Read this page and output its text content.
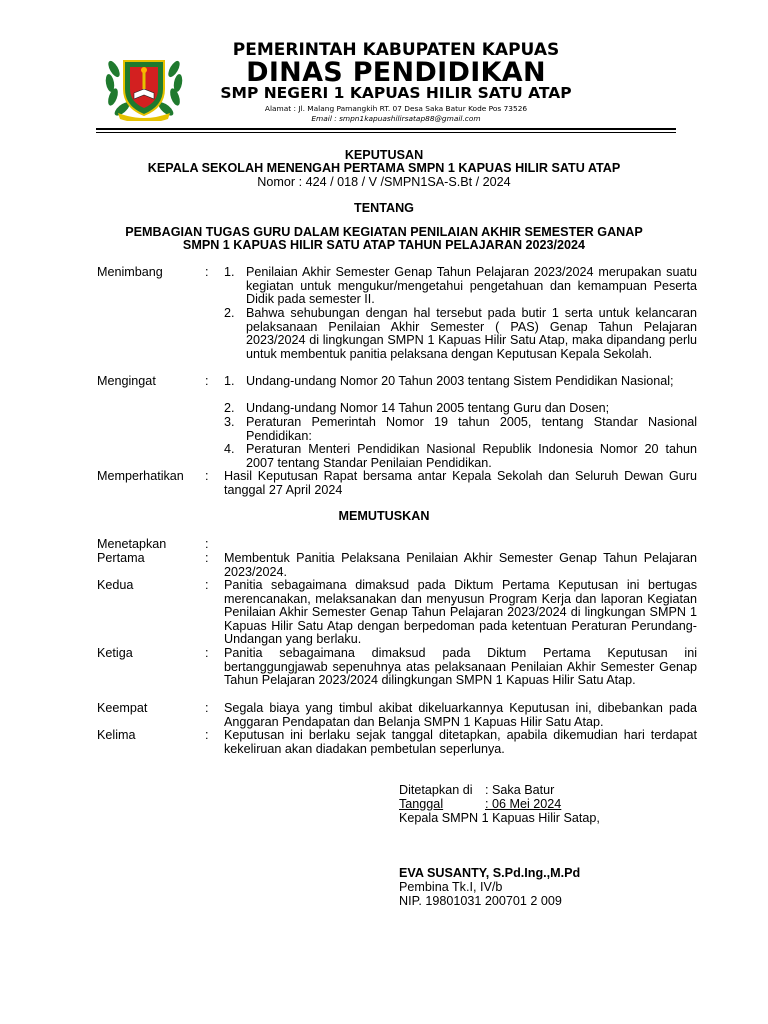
PEMERINTAH KABUPATEN KAPUAS

DINAS PENDIDIKAN

SMP NEGERI 1 KAPUAS HILIR SATU ATAP

Alamat : Jl. Malang Pamangkih RT. 07 Desa Saka Batur Kode Pos 73526
Email : smpn1kapuashilirsatap88@gmail.com
KEPUTUSAN
KEPALA SEKOLAH MENENGAH PERTAMA SMPN 1 KAPUAS HILIR SATU ATAP
Nomor : 424 / 018 / V /SMPN1SA-S.Bt / 2024
TENTANG
PEMBAGIAN TUGAS GURU DALAM KEGIATAN PENILAIAN AKHIR SEMESTER GANAP
SMPN 1 KAPUAS HILIR SATU ATAP TAHUN PELAJARAN 2023/2024
Menimbang	: 1. Penilaian Akhir Semester Genap Tahun Pelajaran 2023/2024 merupakan suatu kegiatan untuk mengukur/mengetahui pengetahuan dan kemampuan Peserta Didik pada semester II.
2. Bahwa sehubungan dengan hal tersebut pada butir 1 serta untuk kelancaran pelaksanaan Penilaian Akhir Semester ( PAS) Genap Tahun Pelajaran 2023/2024 di lingkungan SMPN 1 Kapuas Hilir Satu Atap, maka dipandang perlu untuk membentuk panitia pelaksana dengan Keputusan Kepala Sekolah.
Mengingat	: 1. Undang-undang Nomor 20 Tahun 2003 tentang Sistem Pendidikan Nasional;
2. Undang-undang Nomor 14 Tahun 2005 tentang Guru dan Dosen;
3. Peraturan Pemerintah Nomor 19 tahun 2005, tentang Standar Nasional Pendidikan:
4. Peraturan Menteri Pendidikan Nasional Republik Indonesia Nomor 20 tahun 2007 tentang Standar Penilaian Pendidikan.
Memperhatikan : Hasil Keputusan Rapat bersama antar Kepala Sekolah dan Seluruh Dewan Guru tanggal 27 April 2024
MEMUTUSKAN
Menetapkan	:
Pertama	: Membentuk Panitia Pelaksana Penilaian Akhir Semester Genap Tahun Pelajaran 2023/2024.
Kedua	: Panitia sebagaimana dimaksud pada Diktum Pertama Keputusan ini bertugas merencanakan, melaksanakan dan menyusun Program Kerja dan laporan Kegiatan Penilaian Akhir Semester Genap Tahun Pelajaran 2023/2024 di lingkungan SMPN 1 Kapuas Hilir Satu Atap dengan berpedoman pada ketentuan Peraturan Perundang-Undangan yang berlaku.
Ketiga	: Panitia sebagaimana dimaksud pada Diktum Pertama Keputusan ini bertanggungjawab sepenuhnya atas pelaksanaan Penilaian Akhir Semester Genap Tahun Pelajaran 2023/2024 dilingkungan SMPN 1 Kapuas Hilir Satu Atap.
Keempat	: Segala biaya yang timbul akibat dikeluarkannya Keputusan ini, dibebankan pada Anggaran Pendapatan dan Belanja SMPN 1 Kapuas Hilir Satu Atap.
Kelima	: Keputusan ini berlaku sejak tanggal ditetapkan, apabila dikemudian hari terdapat kekeliruan akan diadakan pembetulan seperlunya.
Ditetapkan di : Saka Batur
Tanggal	: 06 Mei 2024
Kepala SMPN 1 Kapuas Hilir Satap,
EVA SUSANTY, S.Pd.Ing.,M.Pd
Pembina Tk.I, IV/b
NIP. 19801031 200701 2 009
